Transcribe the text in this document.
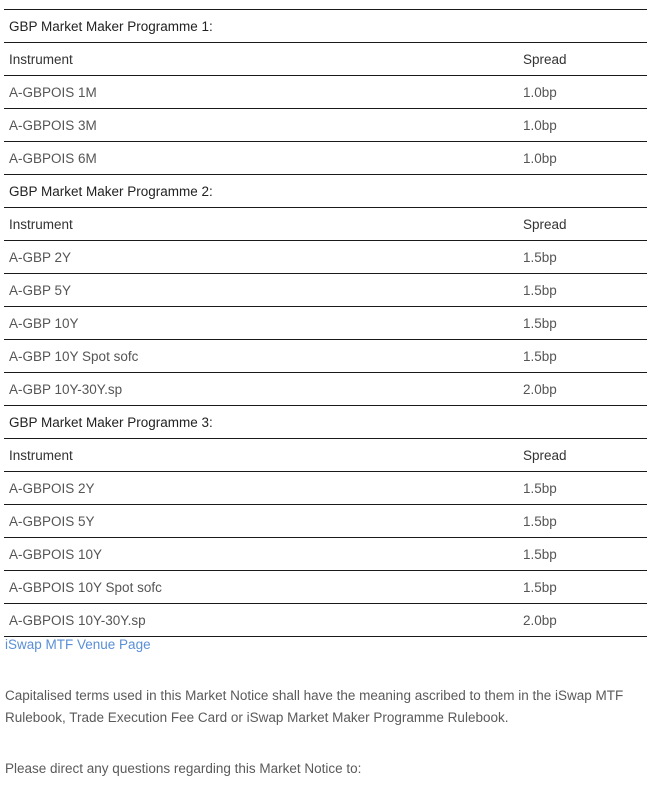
GBP Market Maker Programme 1:	
Instrument	Spread
A-GBPOIS 1M	1.0bp
A-GBPOIS 3M	1.0bp
A-GBPOIS 6M	1.0bp
GBP Market Maker Programme 2:	
Instrument	Spread
A-GBP 2Y	1.5bp
A-GBP 5Y	1.5bp
A-GBP 10Y	1.5bp
A-GBP 10Y Spot sofc	1.5bp
A-GBP 10Y-30Y.sp	2.0bp
GBP Market Maker Programme 3:	
Instrument	Spread
A-GBPOIS 2Y	1.5bp
A-GBPOIS 5Y	1.5bp
A-GBPOIS 10Y	1.5bp
A-GBPOIS 10Y Spot sofc	1.5bp
A-GBPOIS 10Y-30Y.sp	2.0bp
iSwap MTF Venue Page

Capitalised terms used in this Market Notice shall have the meaning ascribed to them in the iSwap MTF Rulebook, Trade Execution Fee Card or iSwap Market Maker Programme Rulebook.

Please direct any questions regarding this Market Notice to:
